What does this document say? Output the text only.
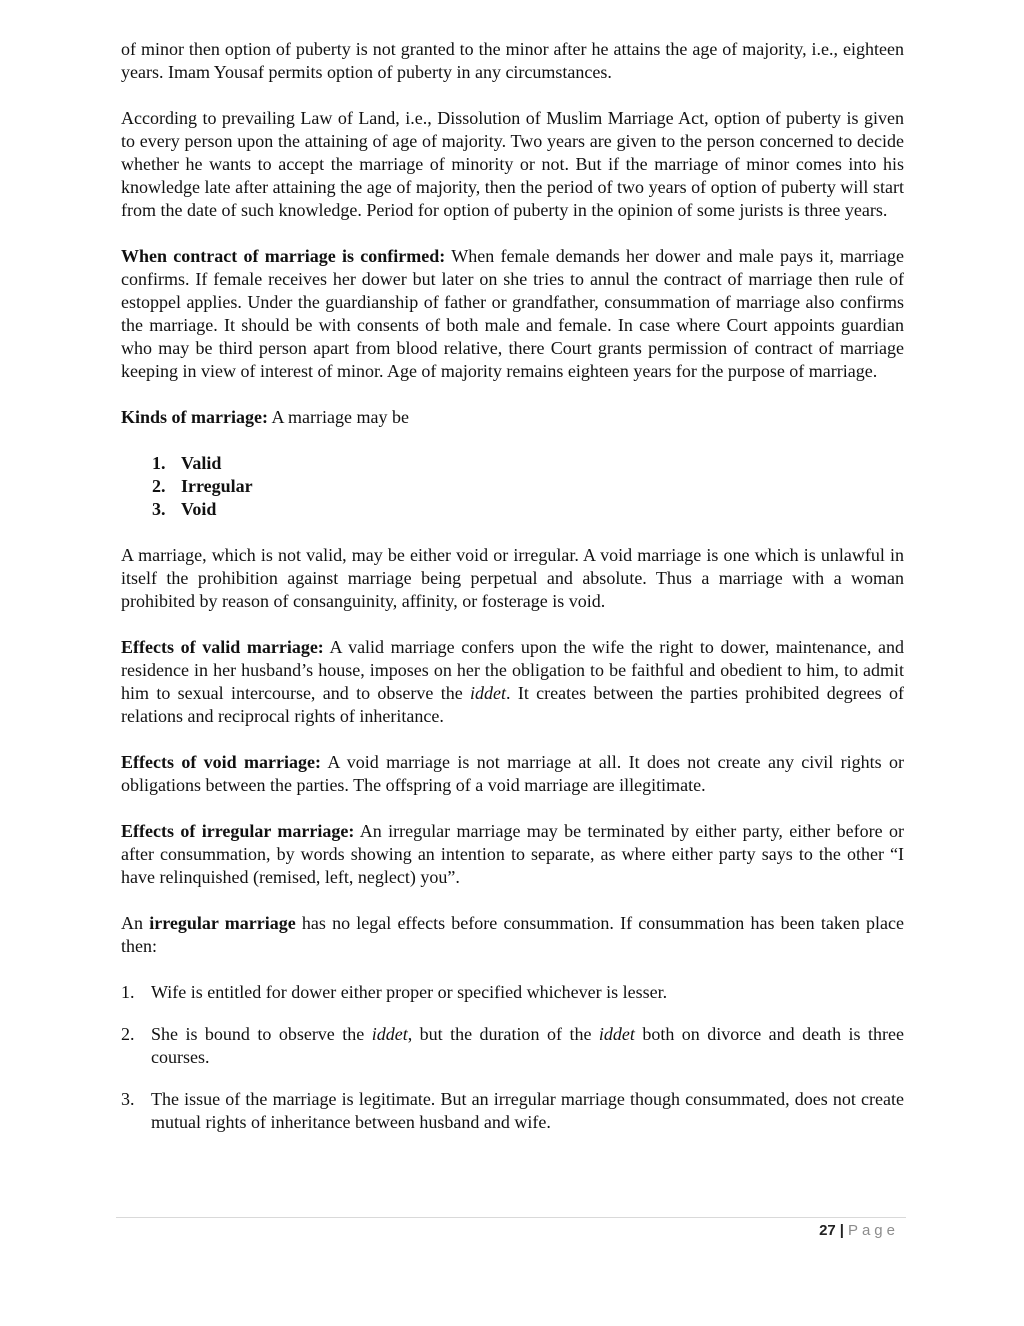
of minor then option of puberty is not granted to the minor after he attains the age of majority, i.e., eighteen years. Imam Yousaf permits option of puberty in any circumstances.

According to prevailing Law of Land, i.e., Dissolution of Muslim Marriage Act, option of puberty is given to every person upon the attaining of age of majority. Two years are given to the person concerned to decide whether he wants to accept the marriage of minority or not. But if the marriage of minor comes into his knowledge late after attaining the age of majority, then the period of two years of option of puberty will start from the date of such knowledge. Period for option of puberty in the opinion of some jurists is three years.

When contract of marriage is confirmed: When female demands her dower and male pays it, marriage confirms. If female receives her dower but later on she tries to annul the contract of marriage then rule of estoppel applies. Under the guardianship of father or grandfather, consummation of marriage also confirms the marriage. It should be with consents of both male and female. In case where Court appoints guardian who may be third person apart from blood relative, there Court grants permission of contract of marriage keeping in view of interest of minor. Age of majority remains eighteen years for the purpose of marriage.

Kinds of marriage: A marriage may be

1. Valid
2. Irregular
3. Void

A marriage, which is not valid, may be either void or irregular. A void marriage is one which is unlawful in itself the prohibition against marriage being perpetual and absolute. Thus a marriage with a woman prohibited by reason of consanguinity, affinity, or fosterage is void.

Effects of valid marriage: A valid marriage confers upon the wife the right to dower, maintenance, and residence in her husband’s house, imposes on her the obligation to be faithful and obedient to him, to admit him to sexual intercourse, and to observe the iddet. It creates between the parties prohibited degrees of relations and reciprocal rights of inheritance.

Effects of void marriage: A void marriage is not marriage at all. It does not create any civil rights or obligations between the parties. The offspring of a void marriage are illegitimate.

Effects of irregular marriage: An irregular marriage may be terminated by either party, either before or after consummation, by words showing an intention to separate, as where either party says to the other “I have relinquished (remised, left, neglect) you”.

An irregular marriage has no legal effects before consummation. If consummation has been taken place then:

1. Wife is entitled for dower either proper or specified whichever is lesser.
2. She is bound to observe the iddet, but the duration of the iddet both on divorce and death is three courses.
3. The issue of the marriage is legitimate. But an irregular marriage though consummated, does not create mutual rights of inheritance between husband and wife.
27 | Page
